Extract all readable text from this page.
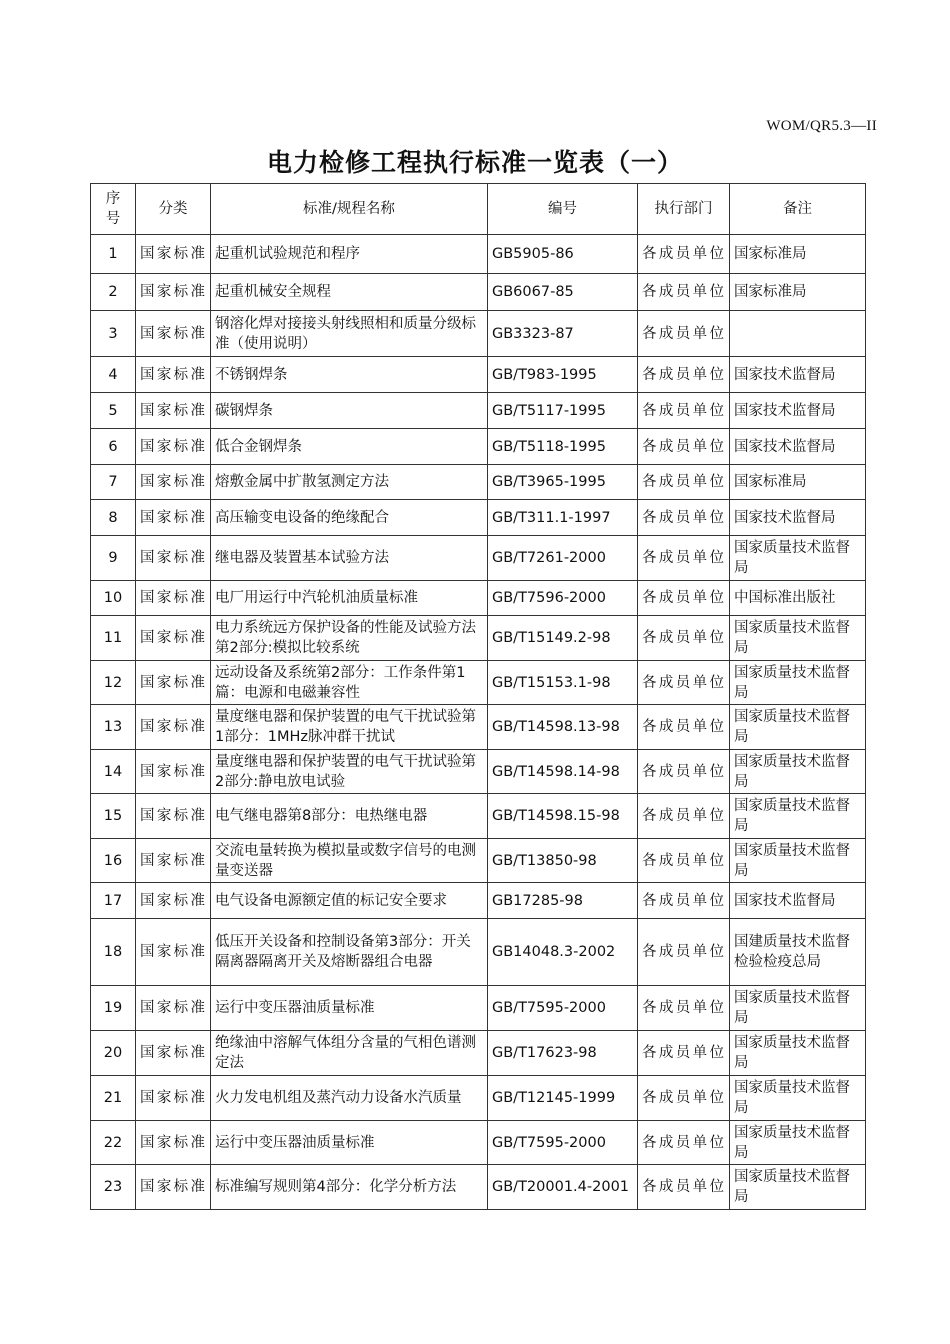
WOM/QR5.3—II
电力检修工程执行标准一览表（一）
序号	分类	标准/规程名称	编号	执行部门	备注
1	国家标准	起重机试验规范和程序	GB5905-86	各成员单位	国家标准局
2	国家标准	起重机械安全规程	GB6067-85	各成员单位	国家标准局
3	国家标准	钢溶化焊对接接头射线照相和质量分级标准（使用说明）	GB3323-87	各成员单位	
4	国家标准	不锈钢焊条	GB/T983-1995	各成员单位	国家技术监督局
5	国家标准	碳钢焊条	GB/T5117-1995	各成员单位	国家技术监督局
6	国家标准	低合金钢焊条	GB/T5118-1995	各成员单位	国家技术监督局
7	国家标准	熔敷金属中扩散氢测定方法	GB/T3965-1995	各成员单位	国家标准局
8	国家标准	高压输变电设备的绝缘配合	GB/T311.1-1997	各成员单位	国家技术监督局
9	国家标准	继电器及装置基本试验方法	GB/T7261-2000	各成员单位	国家质量技术监督局
10	国家标准	电厂用运行中汽轮机油质量标准	GB/T7596-2000	各成员单位	中国标准出版社
11	国家标准	电力系统远方保护设备的性能及试验方法第2部分:模拟比较系统	GB/T15149.2-98	各成员单位	国家质量技术监督局
12	国家标准	远动设备及系统第2部分：工作条件第1篇：电源和电磁兼容性	GB/T15153.1-98	各成员单位	国家质量技术监督局
13	国家标准	量度继电器和保护装置的电气干扰试验第1部分：1MHz脉冲群干扰试	GB/T14598.13-98	各成员单位	国家质量技术监督局
14	国家标准	量度继电器和保护装置的电气干扰试验第2部分:静电放电试验	GB/T14598.14-98	各成员单位	国家质量技术监督局
15	国家标准	电气继电器第8部分：电热继电器	GB/T14598.15-98	各成员单位	国家质量技术监督局
16	国家标准	交流电量转换为模拟量或数字信号的电测量变送器	GB/T13850-98	各成员单位	国家质量技术监督局
17	国家标准	电气设备电源额定值的标记安全要求	GB17285-98	各成员单位	国家技术监督局
18	国家标准	低压开关设备和控制设备第3部分：开关隔离器隔离开关及熔断器组合电器	GB14048.3-2002	各成员单位	国建质量技术监督检验检疫总局
19	国家标准	运行中变压器油质量标准	GB/T7595-2000	各成员单位	国家质量技术监督局
20	国家标准	绝缘油中溶解气体组分含量的气相色谱测定法	GB/T17623-98	各成员单位	国家质量技术监督局
21	国家标准	火力发电机组及蒸汽动力设备水汽质量	GB/T12145-1999	各成员单位	国家质量技术监督局
22	国家标准	运行中变压器油质量标准	GB/T7595-2000	各成员单位	国家质量技术监督局
23	国家标准	标准编写规则第4部分：化学分析方法	GB/T20001.4-2001	各成员单位	国家质量技术监督局
